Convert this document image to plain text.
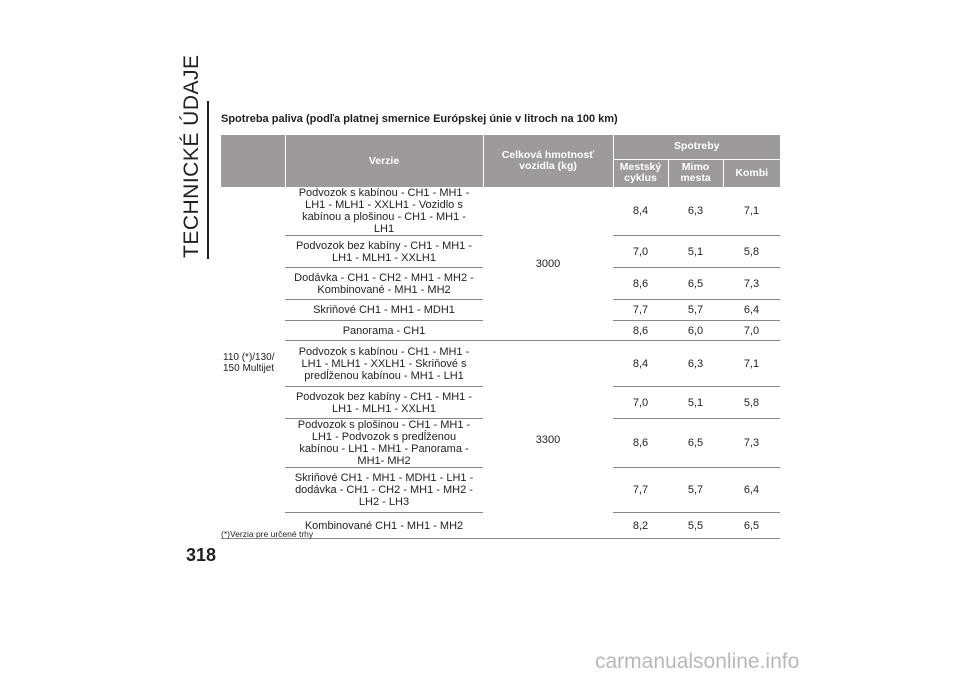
TECHNICKÉ ÚDAJE
318
Spotreba paliva (podľa platnej smernice Európskej únie v litroch na 100 km)
	Verzie	Celková hmotnosť vozidla (kg)	Spotreby		
			Mestský cyklus	Mimo mesta	Kombi
110 (*)/130/ 150 Multijet	Podvozok s kabínou - CH1 - MH1 - LH1 - MLH1 - XXLH1 - Vozidlo s kabínou a plošinou - CH1 - MH1 - LH1	3000	8,4	6,3	7,1
	Podvozok bez kabíny - CH1 - MH1 - LH1 - MLH1 - XXLH1		7,0	5,1	5,8
	Dodávka - CH1 - CH2 - MH1 - MH2 - Kombinované - MH1 - MH2		8,6	6,5	7,3
	Skriňové CH1 - MH1 - MDH1		7,7	5,7	6,4
	Panorama - CH1		8,6	6,0	7,0
	Podvozok s kabínou - CH1 - MH1 - LH1 - MLH1 - XXLH1 - Skriňové s predĺženou kabínou - MH1 - LH1	3300	8,4	6,3	7,1
	Podvozok bez kabíny - CH1 - MH1 - LH1 - MLH1 - XXLH1		7,0	5,1	5,8
	Podvozok s plošinou - CH1 - MH1 - LH1 - Podvozok s predĺženou kabínou - LH1 - MH1 - Panorama - MH1- MH2		8,6	6,5	7,3
	Skriňové CH1 - MH1 - MDH1 - LH1 - dodávka - CH1 - CH2 - MH1 - MH2 - LH2 - LH3		7,7	5,7	6,4
	Kombinované CH1 - MH1 - MH2		8,2	5,5	6,5
(*)Verzia pre určené trhy
carmanualsonline.info
